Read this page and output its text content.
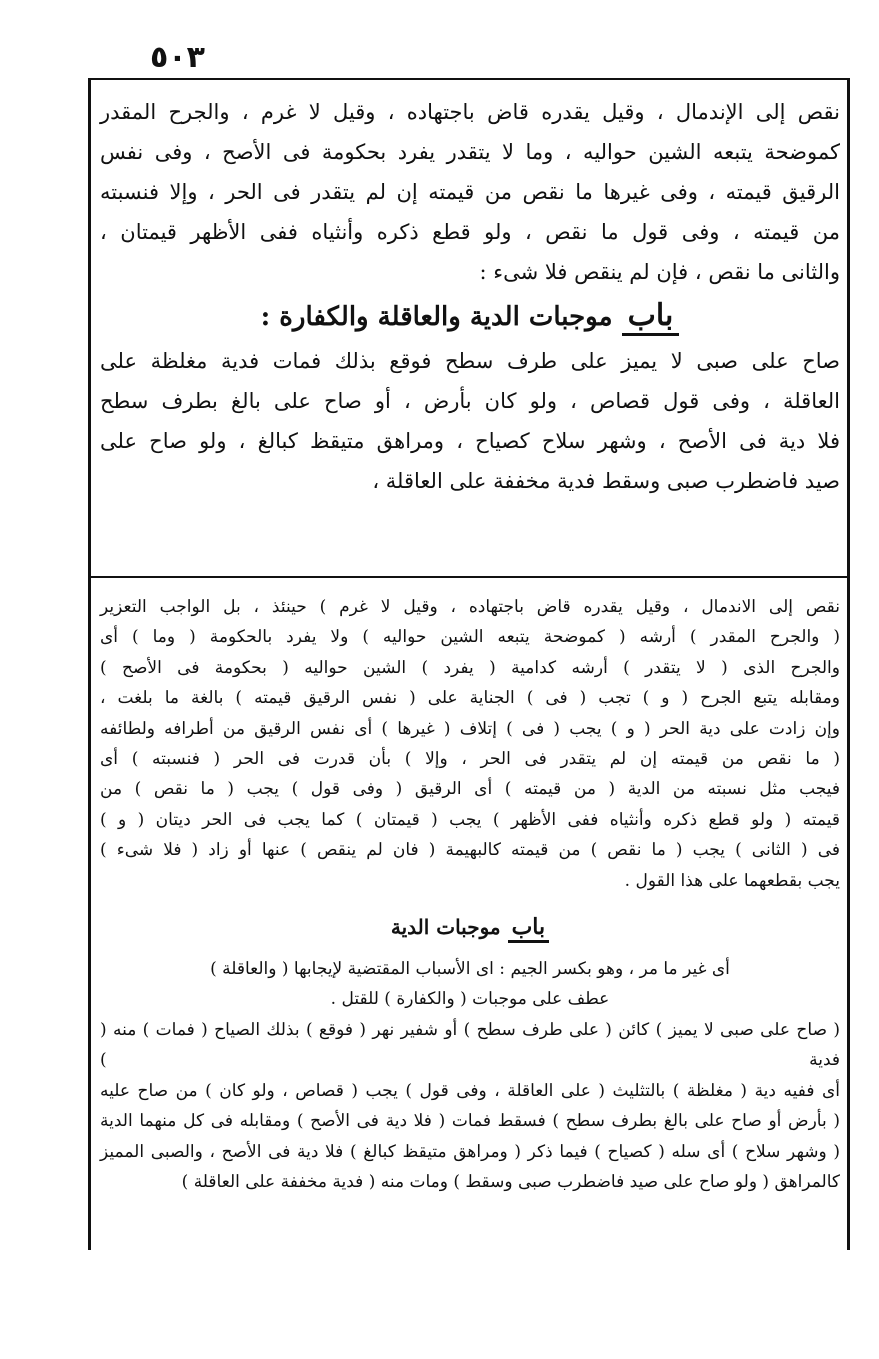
٥٠٣

نقص إلى الإندمال ، وقيل يقدره قاض باجتهاده ، وقيل لا غرم ، والجرح المقدر

كموضحة يتبعه الشين حواليه ، وما لا يتقدر يفرد بحكومة فى الأصح ، وفى نفس

الرقيق قيمته ، وفى غيرها ما نقص من قيمته إن لم يتقدر فى الحر ، وإلا فنسبته

من قيمته ، وفى قول ما نقص ، ولو قطع ذكره وأنثياه ففى الأظهر قيمتان ،

والثانى ما نقص ، فإن لم ينقص فلا شىء :

باب موجبات الدية والعاقلة والكفارة :

صاح على صبى لا يميز على طرف سطح فوقع بذلك فمات فدية مغلظة على

العاقلة ، وفى قول قصاص ، ولو كان بأرض ، أو صاح على بالغ بطرف سطح

فلا دية فى الأصح ، وشهر سلاح كصياح ، ومراهق متيقظ كبالغ ، ولو صاح على

صيد فاضطرب صبى وسقط فدية مخففة على العاقلة ،

نقص إلى الاندمال ، وقيل يقدره قاض باجتهاده ، وقيل لا غرم ) حينئذ ، بل الواجب التعزير

( والجرح المقدر ) أرشه ( كموضحة يتبعه الشين حواليه ) ولا يفرد بالحكومة ( وما ) أى

والجرح الذى ( لا يتقدر ) أرشه كدامية ( يفرد ) الشين حواليه ( بحكومة فى الأصح )

ومقابله يتبع الجرح ( و ) تجب ( فى ) الجناية على ( نفس الرقيق قيمته ) بالغة ما بلغت ،

وإن زادت على دية الحر ( و ) يجب ( فى ) إتلاف ( غيرها ) أى نفس الرقيق من أطرافه ولطائفه

( ما نقص من قيمته إن لم يتقدر فى الحر ، وإلا ) بأن قدرت فى الحر ( فنسبته ) أى

فيجب مثل نسبته من الدية ( من قيمته ) أى الرقيق ( وفى قول ) يجب ( ما نقص ) من

قيمته ( ولو قطع ذكره وأنثياه ففى الأظهر ) يجب ( قيمتان ) كما يجب فى الحر ديتان ( و )

فى ( الثانى ) يجب ( ما نقص ) من قيمته كالبهيمة ( فان لم ينقص ) عنها أو زاد ( فلا شىء )

يجب بقطعهما على هذا القول .

باب موجبات الدية

أى غير ما مر ، وهو بكسر الجيم : اى الأسباب المقتضية لإيجابها ( والعاقلة )

عطف على موجبات ( والكفارة ) للقتل .

( صاح على صبى لا يميز ) كائن ( على طرف سطح ) أو شفير نهر ( فوقع ) بذلك الصياح ( فمات ) منه ( فدية )

أى ففيه دية ( مغلظة ) بالتثليث ( على العاقلة ، وفى قول ) يجب ( قصاص ، ولو كان ) من صاح عليه

( بأرض أو صاح على بالغ بطرف سطح ) فسقط فمات ( فلا دية فى الأصح ) ومقابله فى كل منهما الدية

( وشهر سلاح ) أى سله ( كصياح ) فيما ذكر ( ومراهق متيقظ كبالغ ) فلا دية فى الأصح ، والصبى المميز

كالمراهق ( ولو صاح على صيد فاضطرب صبى وسقط ) ومات منه ( فدية مخففة على العاقلة )
